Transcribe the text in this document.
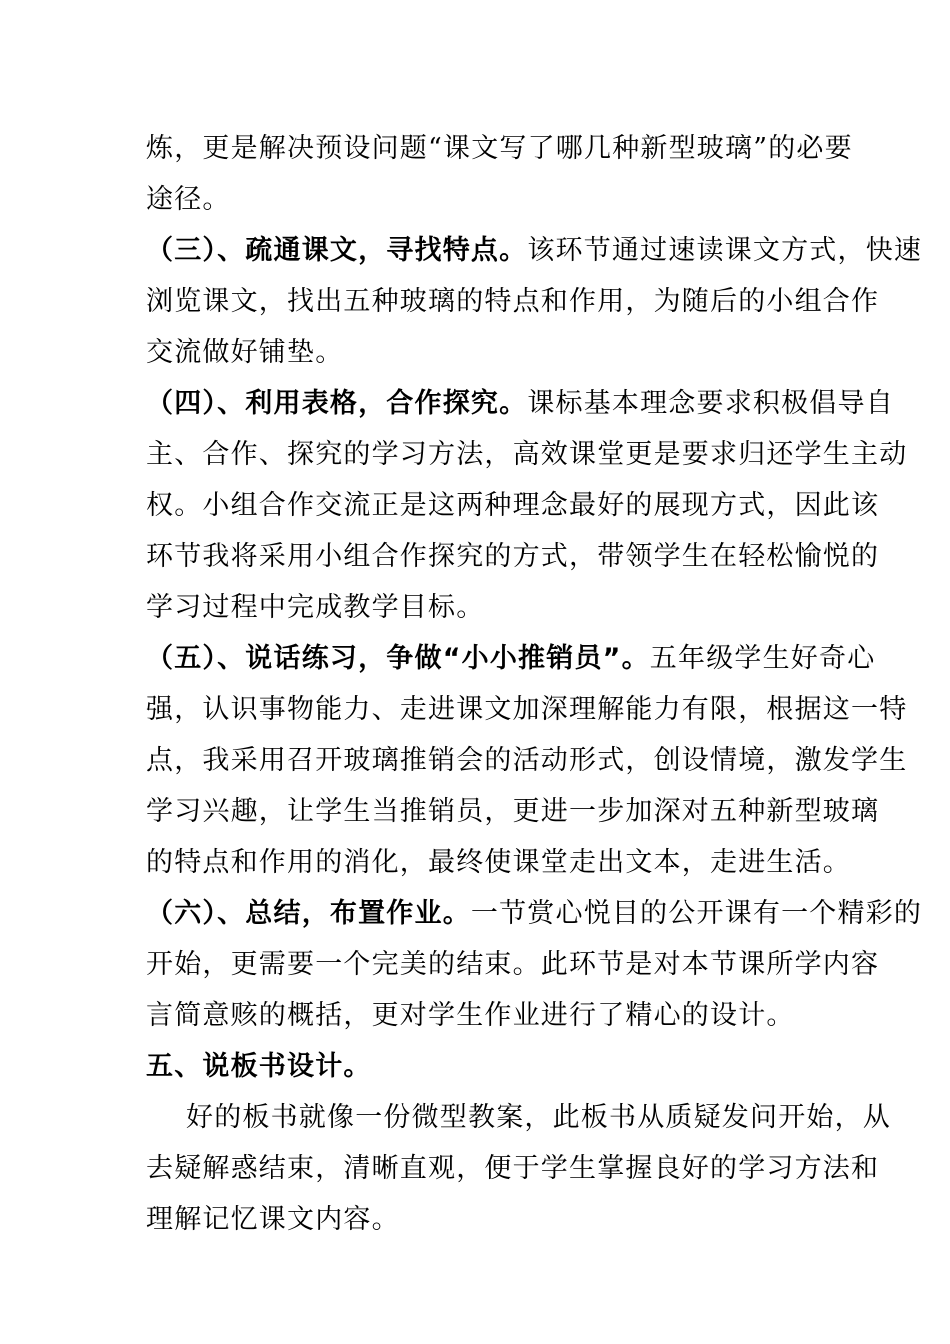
炼，更是解决预设问题“课文写了哪几种新型玻璃”的必要
途径。
（三）、疏通课文，寻找特点。该环节通过速读课文方式，快速
浏览课文，找出五种玻璃的特点和作用，为随后的小组合作
交流做好铺垫。
（四）、利用表格，合作探究。课标基本理念要求积极倡导自
主、合作、探究的学习方法，高效课堂更是要求归还学生主动
权。小组合作交流正是这两种理念最好的展现方式，因此该
环节我将采用小组合作探究的方式，带领学生在轻松愉悦的
学习过程中完成教学目标。
（五）、说话练习，争做“小小推销员”。五年级学生好奇心
强，认识事物能力、走进课文加深理解能力有限，根据这一特
点，我采用召开玻璃推销会的活动形式，创设情境，激发学生
学习兴趣，让学生当推销员，更进一步加深对五种新型玻璃
的特点和作用的消化，最终使课堂走出文本，走进生活。
（六）、总结，布置作业。一节赏心悦目的公开课有一个精彩的
开始，更需要一个完美的结束。此环节是对本节课所学内容
言简意赅的概括，更对学生作业进行了精心的设计。
五、说板书设计。
好的板书就像一份微型教案，此板书从质疑发问开始，从
去疑解惑结束，清晰直观，便于学生掌握良好的学习方法和
理解记忆课文内容。
